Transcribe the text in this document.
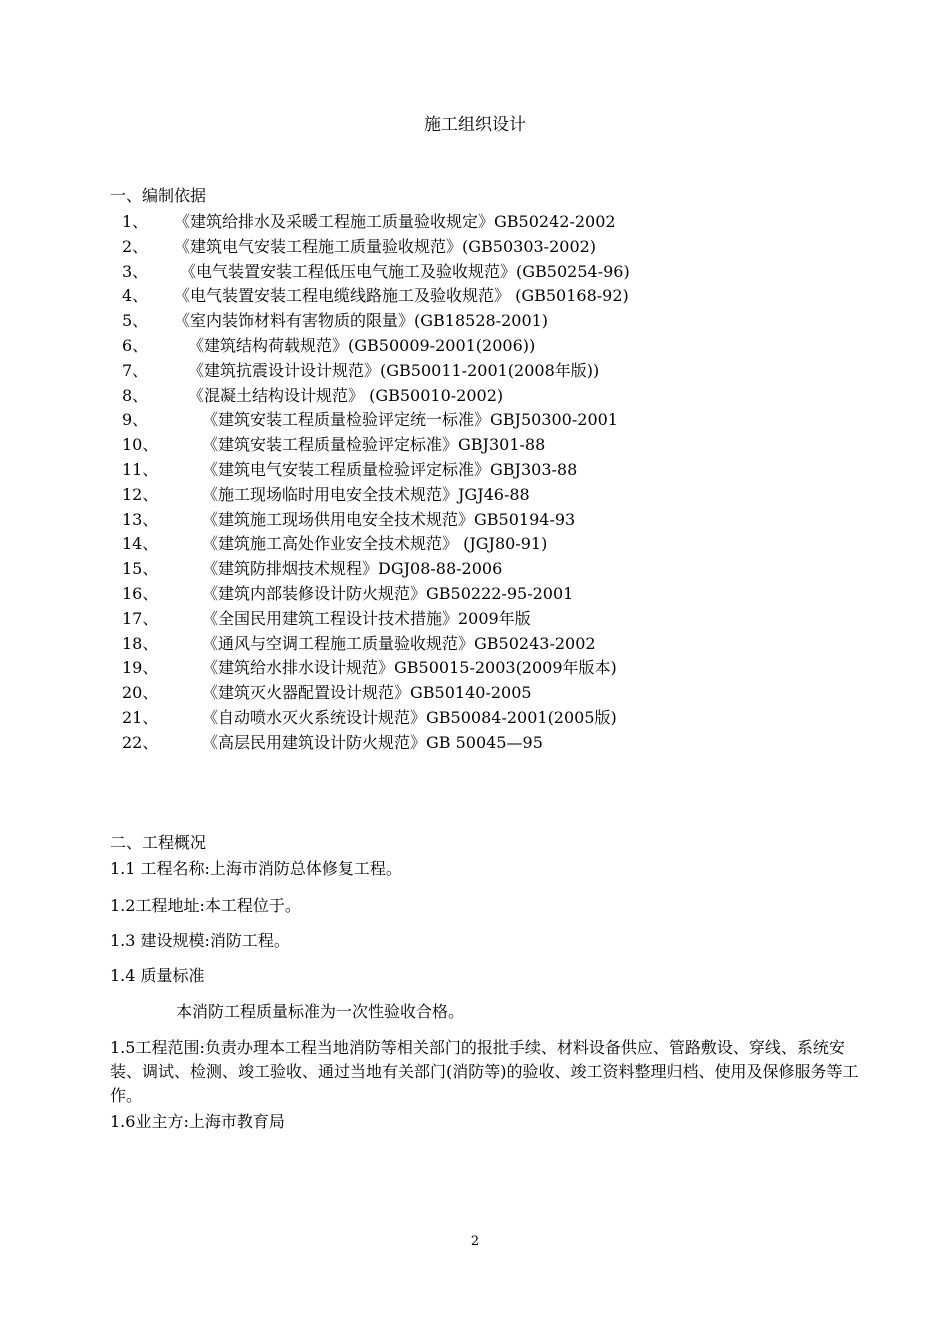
施工组织设计
一、编制依据
1、 《建筑给排水及采暖工程施工质量验收规定》GB50242-2002
2、 《建筑电气安装工程施工质量验收规范》(GB50303-2002)
3、 《电气装置安装工程低压电气施工及验收规范》(GB50254-96)
4、 《电气装置安装工程电缆线路施工及验收规范》 (GB50168-92)
5、 《室内装饰材料有害物质的限量》(GB18528-2001)
6、 《建筑结构荷载规范》(GB50009-2001(2006))
7、 《建筑抗震设计设计规范》(GB50011-2001(2008年版))
8、 《混凝土结构设计规范》 (GB50010-2002)
9、	《建筑安装工程质量检验评定统一标准》GBJ50300-2001
10、	《建筑安装工程质量检验评定标准》GBJ301-88
11、	《建筑电气安装工程质量检验评定标准》GBJ303-88
12、	《施工现场临时用电安全技术规范》JGJ46-88
13、	《建筑施工现场供用电安全技术规范》GB50194-93
14、	《建筑施工高处作业安全技术规范》 (JGJ80-91)
15、	《建筑防排烟技术规程》DGJ08-88-2006
16、	《建筑内部装修设计防火规范》GB50222-95-2001
17、	《全国民用建筑工程设计技术措施》2009年版
18、	《通风与空调工程施工质量验收规范》GB50243-2002
19、	《建筑给水排水设计规范》GB50015-2003(2009年版本)
20、	《建筑灭火器配置设计规范》GB50140-2005
21、	《自动喷水灭火系统设计规范》GB50084-2001(2005版)
22、	《高层民用建筑设计防火规范》GB 50045—95
二、工程概况
1.1 工程名称:上海市消防总体修复工程。
1.2工程地址:本工程位于。
1.3 建设规模:消防工程。
1.4 质量标准
本消防工程质量标准为一次性验收合格。
1.5工程范围:负责办理本工程当地消防等相关部门的报批手续、材料设备供应、管路敷设、穿线、系统安装、调试、检测、竣工验收、通过当地有关部门(消防等)的验收、竣工资料整理归档、使用及保修服务等工作。
1.6业主方:上海市教育局
2
